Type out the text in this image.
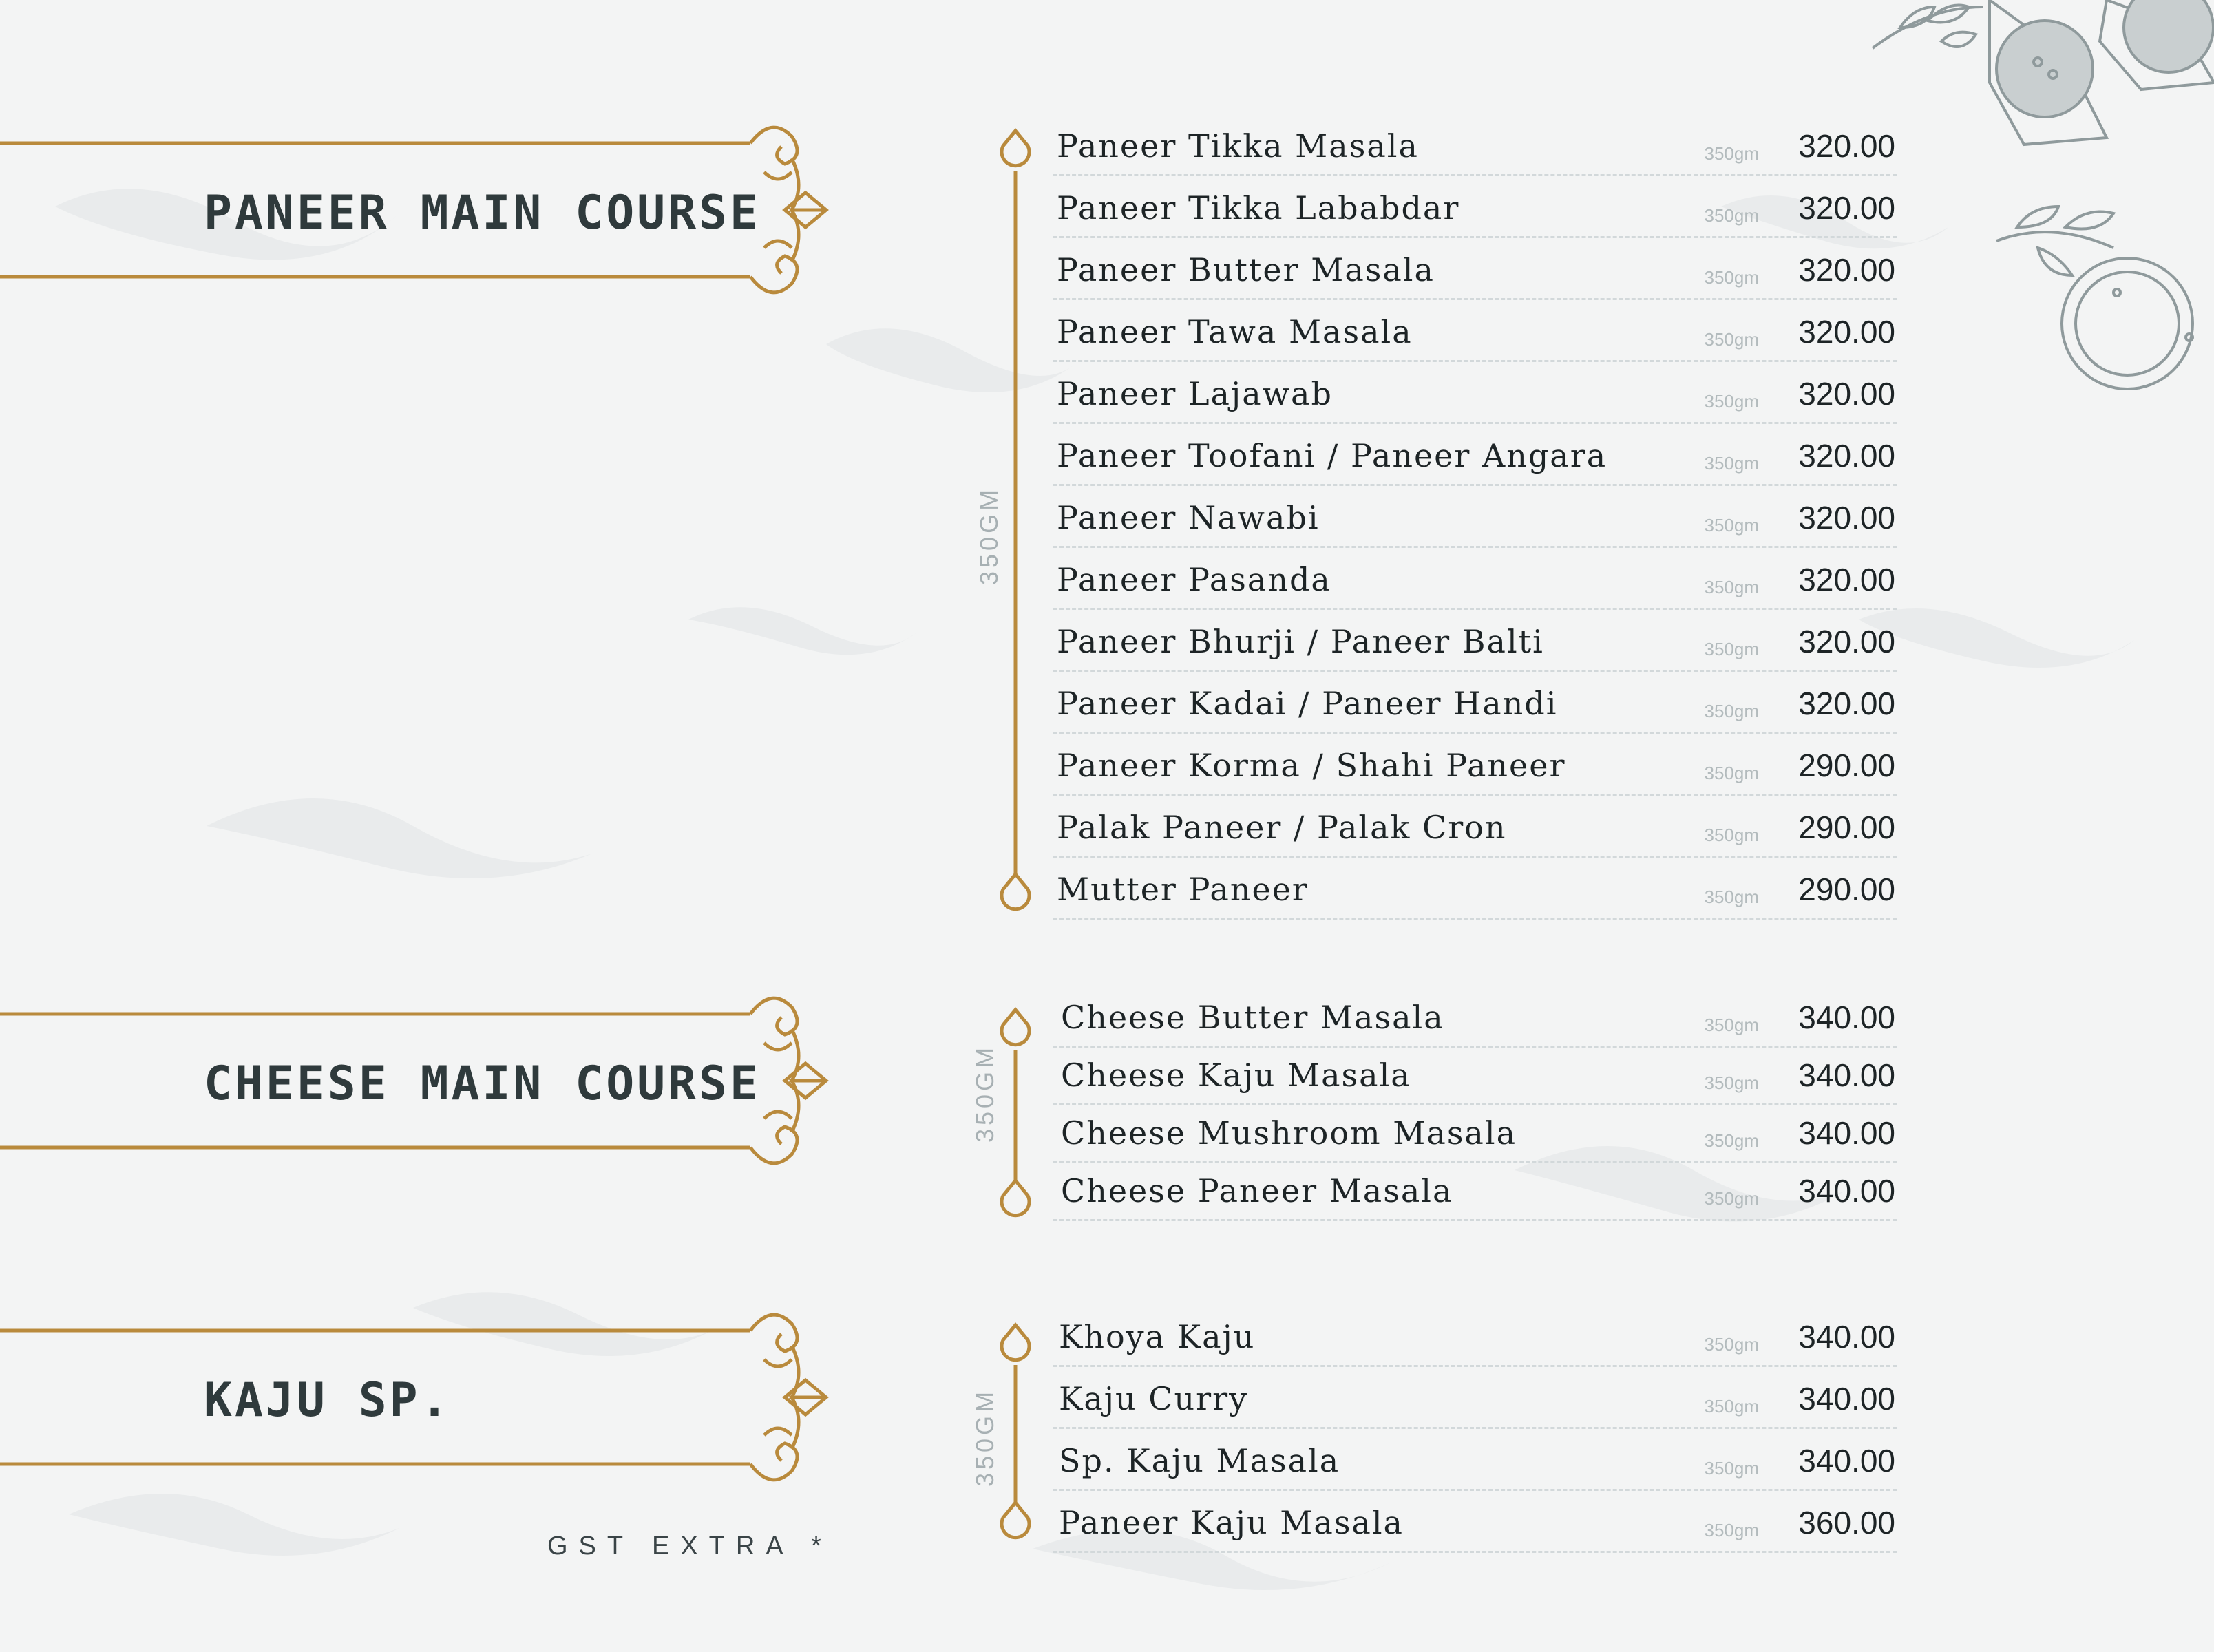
PANEER MAIN COURSE
CHEESE MAIN COURSE
KAJU SP.
350GM
350GM
350GM
Paneer Tikka Masala	350gm 320.00
Paneer Tikka Lababdar	350gm 320.00
Paneer Butter Masala	350gm 320.00
Paneer Tawa Masala	350gm 320.00
Paneer Lajawab	350gm 320.00
Paneer Toofani / Paneer Angara	350gm 320.00
Paneer Nawabi	350gm 320.00
Paneer Pasanda	350gm 320.00
Paneer Bhurji / Paneer Balti	350gm 320.00
Paneer Kadai / Paneer Handi	350gm 320.00
Paneer Korma / Shahi Paneer	350gm 290.00
Palak Paneer / Palak Cron	350gm 290.00
Mutter Paneer	350gm 290.00
Cheese Butter Masala	350gm 340.00
Cheese Kaju Masala	350gm 340.00
Cheese Mushroom Masala	350gm 340.00
Cheese Paneer Masala	350gm 340.00
Khoya Kaju	350gm 340.00
Kaju Curry	350gm 340.00
Sp. Kaju Masala	350gm 340.00
Paneer Kaju Masala	350gm 360.00
GST EXTRA *
